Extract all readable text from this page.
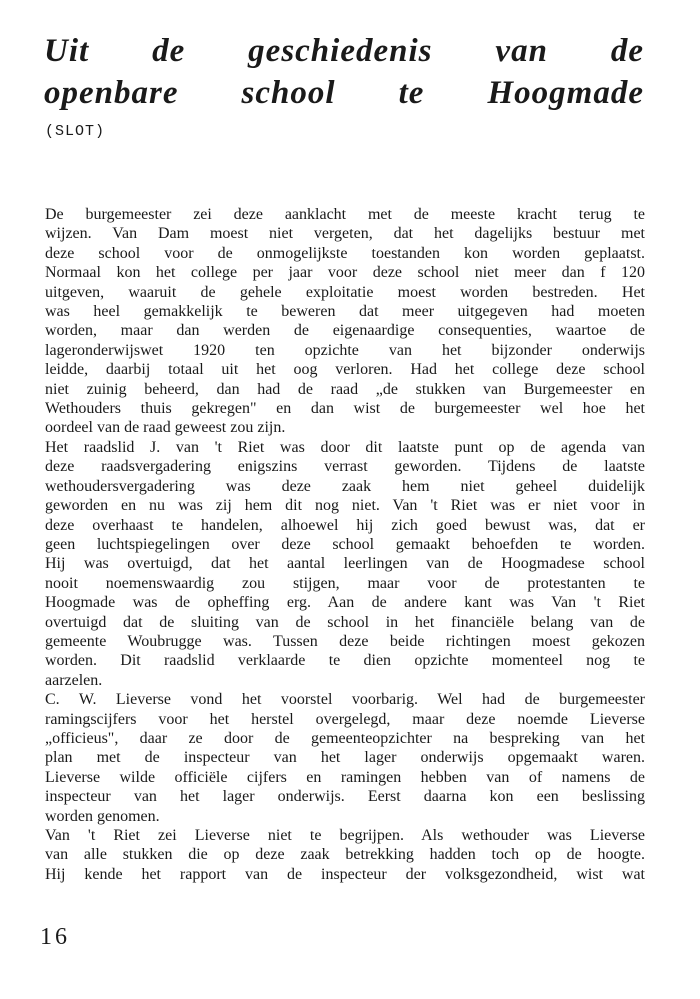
Uit de geschiedenis van de
openbare school te Hoogmade
(SLOT)
De burgemeester zei deze aanklacht met de meeste kracht terug te
wijzen. Van Dam moest niet vergeten, dat het dagelijks bestuur met
deze school voor de onmogelijkste toestanden kon worden geplaatst.
Normaal kon het college per jaar voor deze school niet meer dan f 120
uitgeven, waaruit de gehele exploitatie moest worden bestreden. Het
was heel gemakkelijk te beweren dat meer uitgegeven had moeten
worden, maar dan werden de eigenaardige consequenties, waartoe de
lageronderwijswet 1920 ten opzichte van het bijzonder onderwijs
leidde, daarbij totaal uit het oog verloren. Had het college deze school
niet zuinig beheerd, dan had de raad „de stukken van Burgemeester en
Wethouders thuis gekregen" en dan wist de burgemeester wel hoe het
oordeel van de raad geweest zou zijn.
Het raadslid J. van 't Riet was door dit laatste punt op de agenda van
deze raadsvergadering enigszins verrast geworden. Tijdens de laatste
wethoudersvergadering was deze zaak hem niet geheel duidelijk
geworden en nu was zij hem dit nog niet. Van 't Riet was er niet voor in
deze overhaast te handelen, alhoewel hij zich goed bewust was, dat er
geen luchtspiegelingen over deze school gemaakt behoefden te worden.
Hij was overtuigd, dat het aantal leerlingen van de Hoogmadese school
nooit noemenswaardig zou stijgen, maar voor de protestanten te
Hoogmade was de opheffing erg. Aan de andere kant was Van 't Riet
overtuigd dat de sluiting van de school in het financiële belang van de
gemeente Woubrugge was. Tussen deze beide richtingen moest gekozen
worden. Dit raadslid verklaarde te dien opzichte momenteel nog te
aarzelen.
C. W. Lieverse vond het voorstel voorbarig. Wel had de burgemeester
ramingscijfers voor het herstel overgelegd, maar deze noemde Lieverse
„officieus", daar ze door de gemeenteopzichter na bespreking van het
plan met de inspecteur van het lager onderwijs opgemaakt waren.
Lieverse wilde officiële cijfers en ramingen hebben van of namens de
inspecteur van het lager onderwijs. Eerst daarna kon een beslissing
worden genomen.
Van 't Riet zei Lieverse niet te begrijpen. Als wethouder was Lieverse
van alle stukken die op deze zaak betrekking hadden toch op de hoogte.
Hij kende het rapport van de inspecteur der volksgezondheid, wist wat
16
